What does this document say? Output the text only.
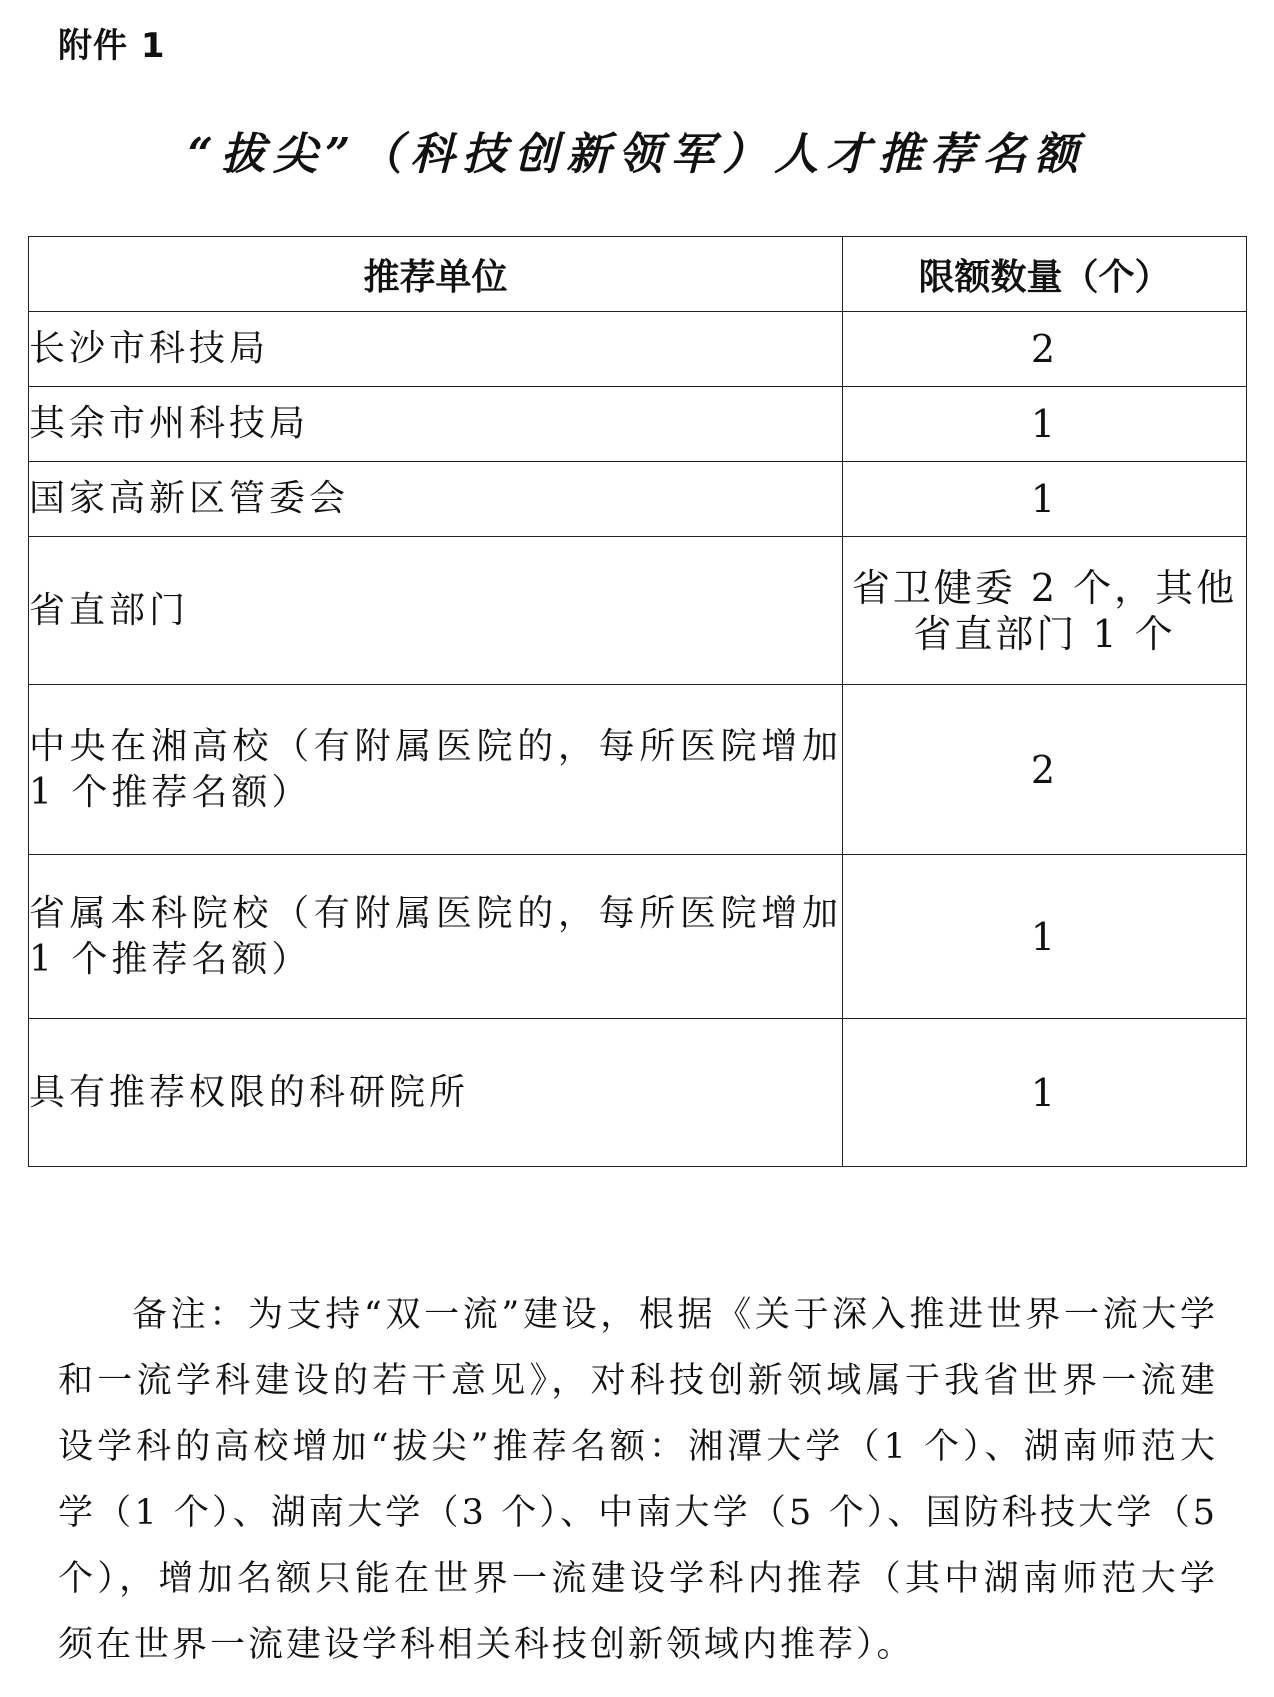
附件 1
“拔尖”（科技创新领军）人才推荐名额
推荐单位	限额数量（个）
长沙市科技局	2
其余市州科技局	1
国家高新区管委会	1
省直部门	省卫健委 2 个，其他省直部门 1 个
中央在湘高校（有附属医院的，每所医院增加 1 个推荐名额）	2
省属本科院校（有附属医院的，每所医院增加 1 个推荐名额）	1
具有推荐权限的科研院所	1
备注：为支持“双一流”建设，根据《关于深入推进世界一流大学和一流学科建设的若干意见》，对科技创新领域属于我省世界一流建设学科的高校增加“拔尖”推荐名额：湘潭大学（1 个）、湖南师范大学（1 个）、湖南大学（3 个）、中南大学（5 个）、国防科技大学（5 个），增加名额只能在世界一流建设学科内推荐（其中湖南师范大学须在世界一流建设学科相关科技创新领域内推荐）。
